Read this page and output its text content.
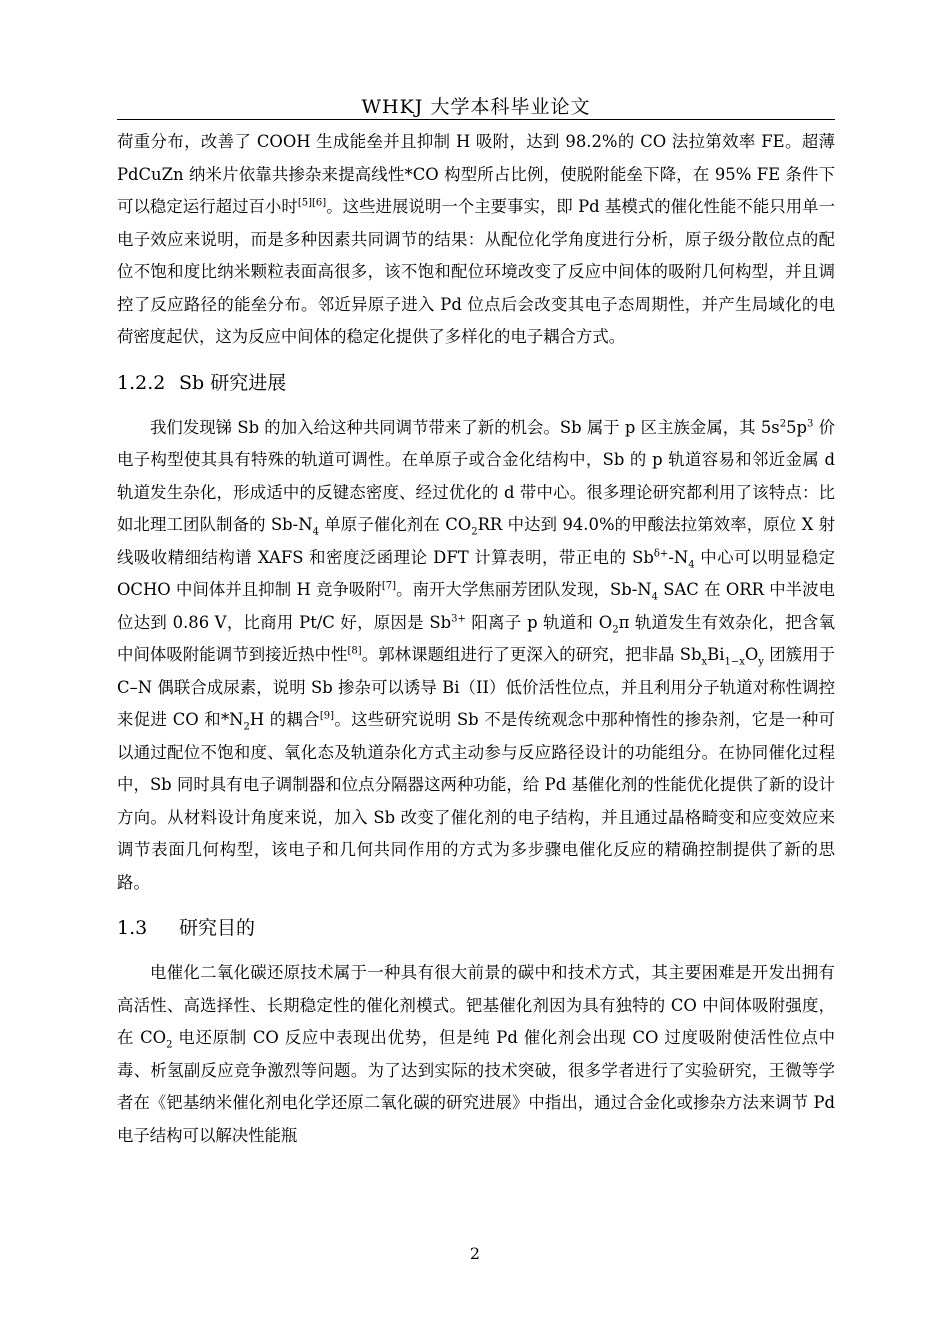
WHKJ 大学本科毕业论文

荷重分布，改善了 COOH 生成能垒并且抑制 H 吸附，达到 98.2%的 CO 法拉第效率 FE。超薄 PdCuZn 纳米片依靠共掺杂来提高线性*CO 构型所占比例，使脱附能垒下降，在 95% FE 条件下可以稳定运行超过百小时[5][6]。这些进展说明一个主要事实，即 Pd 基模式的催化性能不能只用单一电子效应来说明，而是多种因素共同调节的结果：从配位化学角度进行分析，原子级分散位点的配位不饱和度比纳米颗粒表面高很多，该不饱和配位环境改变了反应中间体的吸附几何构型，并且调控了反应路径的能垒分布。邻近异原子进入 Pd 位点后会改变其电子态周期性，并产生局域化的电荷密度起伏，这为反应中间体的稳定化提供了多样化的电子耦合方式。

1.2.2 Sb 研究进展

我们发现锑 Sb 的加入给这种共同调节带来了新的机会。Sb 属于 p 区主族金属，其 $5s^25p^3$ 价电子构型使其具有特殊的轨道可调性。在单原子或合金化结构中，Sb 的 p 轨道容易和邻近金属 d 轨道发生杂化，形成适中的反键态密度、经过优化的 d 带中心。很多理论研究都利用了该特点：比如北理工团队制备的 $Sb-N_4$ 单原子催化剂在 $CO_2RR$ 中达到 94.0%的甲酸法拉第效率，原位 X 射线吸收精细结构谱 XAFS 和密度泛函理论 DFT 计算表明，带正电的 $Sb^{\delta+}-N_4$ 中心可以明显稳定 OCHO 中间体并且抑制 H 竞争吸附[7]。南开大学焦丽芳团队发现，$Sb-N_4$ SAC 在 ORR 中半波电位达到 0.86 V，比商用 Pt/C 好，原因是 $Sb^{3+}$ 阳离子 p 轨道和 $O_2\pi$ 轨道发生有效杂化，把含氧中间体吸附能调节到接近热中性[8]。郭林课题组进行了更深入的研究，把非晶 $Sb_xBi_{1-x}O_y$ 团簇用于 C–N 偶联合成尿素，说明 Sb 掺杂可以诱导 Bi（II）低价活性位点，并且利用分子轨道对称性调控来促进 CO 和$*N_2H$ 的耦合[9]。这些研究说明 Sb 不是传统观念中那种惰性的掺杂剂，它是一种可以通过配位不饱和度、氧化态及轨道杂化方式主动参与反应路径设计的功能组分。在协同催化过程中，Sb 同时具有电子调制器和位点分隔器这两种功能，给 Pd 基催化剂的性能优化提供了新的设计方向。从材料设计角度来说，加入 Sb 改变了催化剂的电子结构，并且通过晶格畸变和应变效应来调节表面几何构型，该电子和几何共同作用的方式为多步骤电催化反应的精确控制提供了新的思路。

1.3 研究目的

电催化二氧化碳还原技术属于一种具有很大前景的碳中和技术方式，其主要困难是开发出拥有高活性、高选择性、长期稳定性的催化剂模式。钯基催化剂因为具有独特的 CO 中间体吸附强度，在 $CO_2$ 电还原制 CO 反应中表现出优势，但是纯 Pd 催化剂会出现 CO 过度吸附使活性位点中毒、析氢副反应竞争激烈等问题。为了达到实际的技术突破，很多学者进行了实验研究，王微等学者在《钯基纳米催化剂电化学还原二氧化碳的研究进展》中指出，通过合金化或掺杂方法来调节 Pd 电子结构可以解决性能瓶

2
